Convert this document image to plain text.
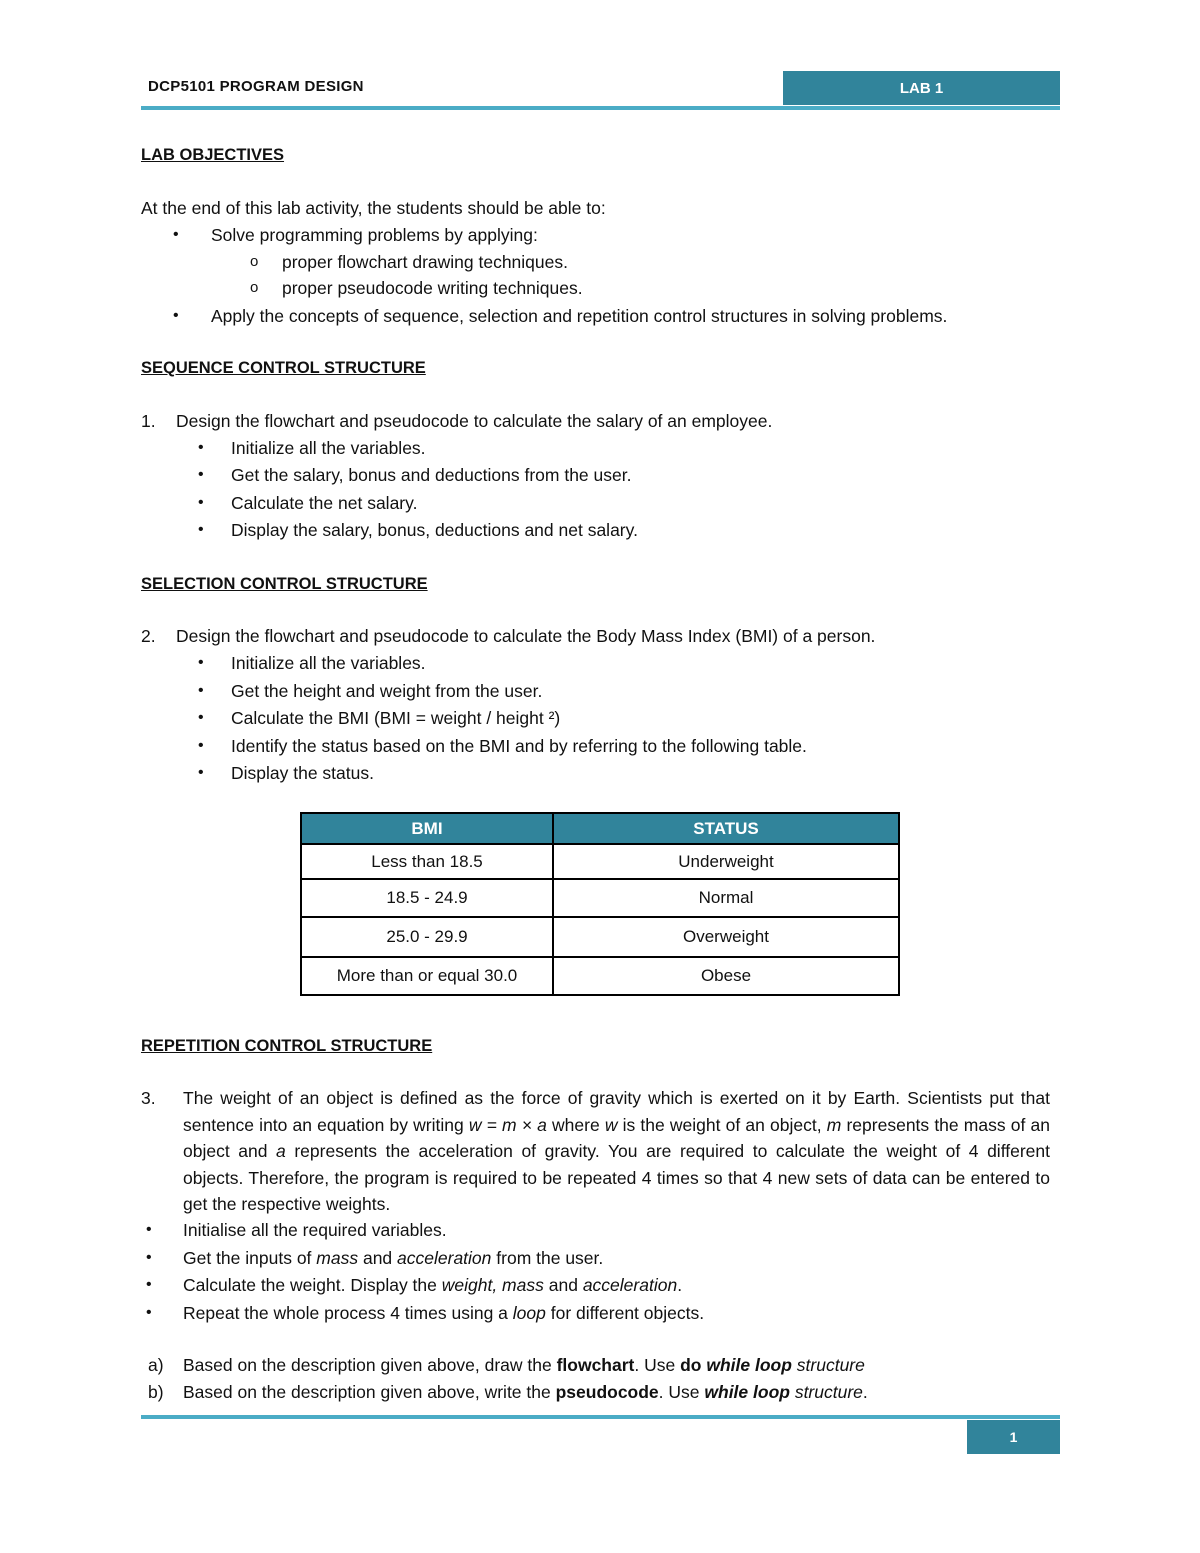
DCP5101 PROGRAM DESIGN	LAB 1
LAB OBJECTIVES
At the end of this lab activity, the students should be able to:
• Solve programming problems by applying:
o proper flowchart drawing techniques.
o proper pseudocode writing techniques.
• Apply the concepts of sequence, selection and repetition control structures in solving problems.
SEQUENCE CONTROL STRUCTURE
1. Design the flowchart and pseudocode to calculate the salary of an employee.
• Initialize all the variables.
• Get the salary, bonus and deductions from the user.
• Calculate the net salary.
• Display the salary, bonus, deductions and net salary.
SELECTION CONTROL STRUCTURE
2. Design the flowchart and pseudocode to calculate the Body Mass Index (BMI) of a person.
• Initialize all the variables.
• Get the height and weight from the user.
• Calculate the BMI (BMI = weight / height ²)
• Identify the status based on the BMI and by referring to the following table.
• Display the status.
BMI	STATUS
Less than 18.5	Underweight
18.5 - 24.9	Normal
25.0 - 29.9	Overweight
More than or equal 30.0	Obese
REPETITION CONTROL STRUCTURE
3. The weight of an object is defined as the force of gravity which is exerted on it by Earth. Scientists put that sentence into an equation by writing w = m × a where w is the weight of an object, m represents the mass of an object and a represents the acceleration of gravity. You are required to calculate the weight of 4 different objects. Therefore, the program is required to be repeated 4 times so that 4 new sets of data can be entered to get the respective weights.
• Initialise all the required variables.
• Get the inputs of mass and acceleration from the user.
• Calculate the weight. Display the weight, mass and acceleration.
• Repeat the whole process 4 times using a loop for different objects.
a) Based on the description given above, draw the flowchart. Use do while loop structure
b) Based on the description given above, write the pseudocode. Use while loop structure.
1
